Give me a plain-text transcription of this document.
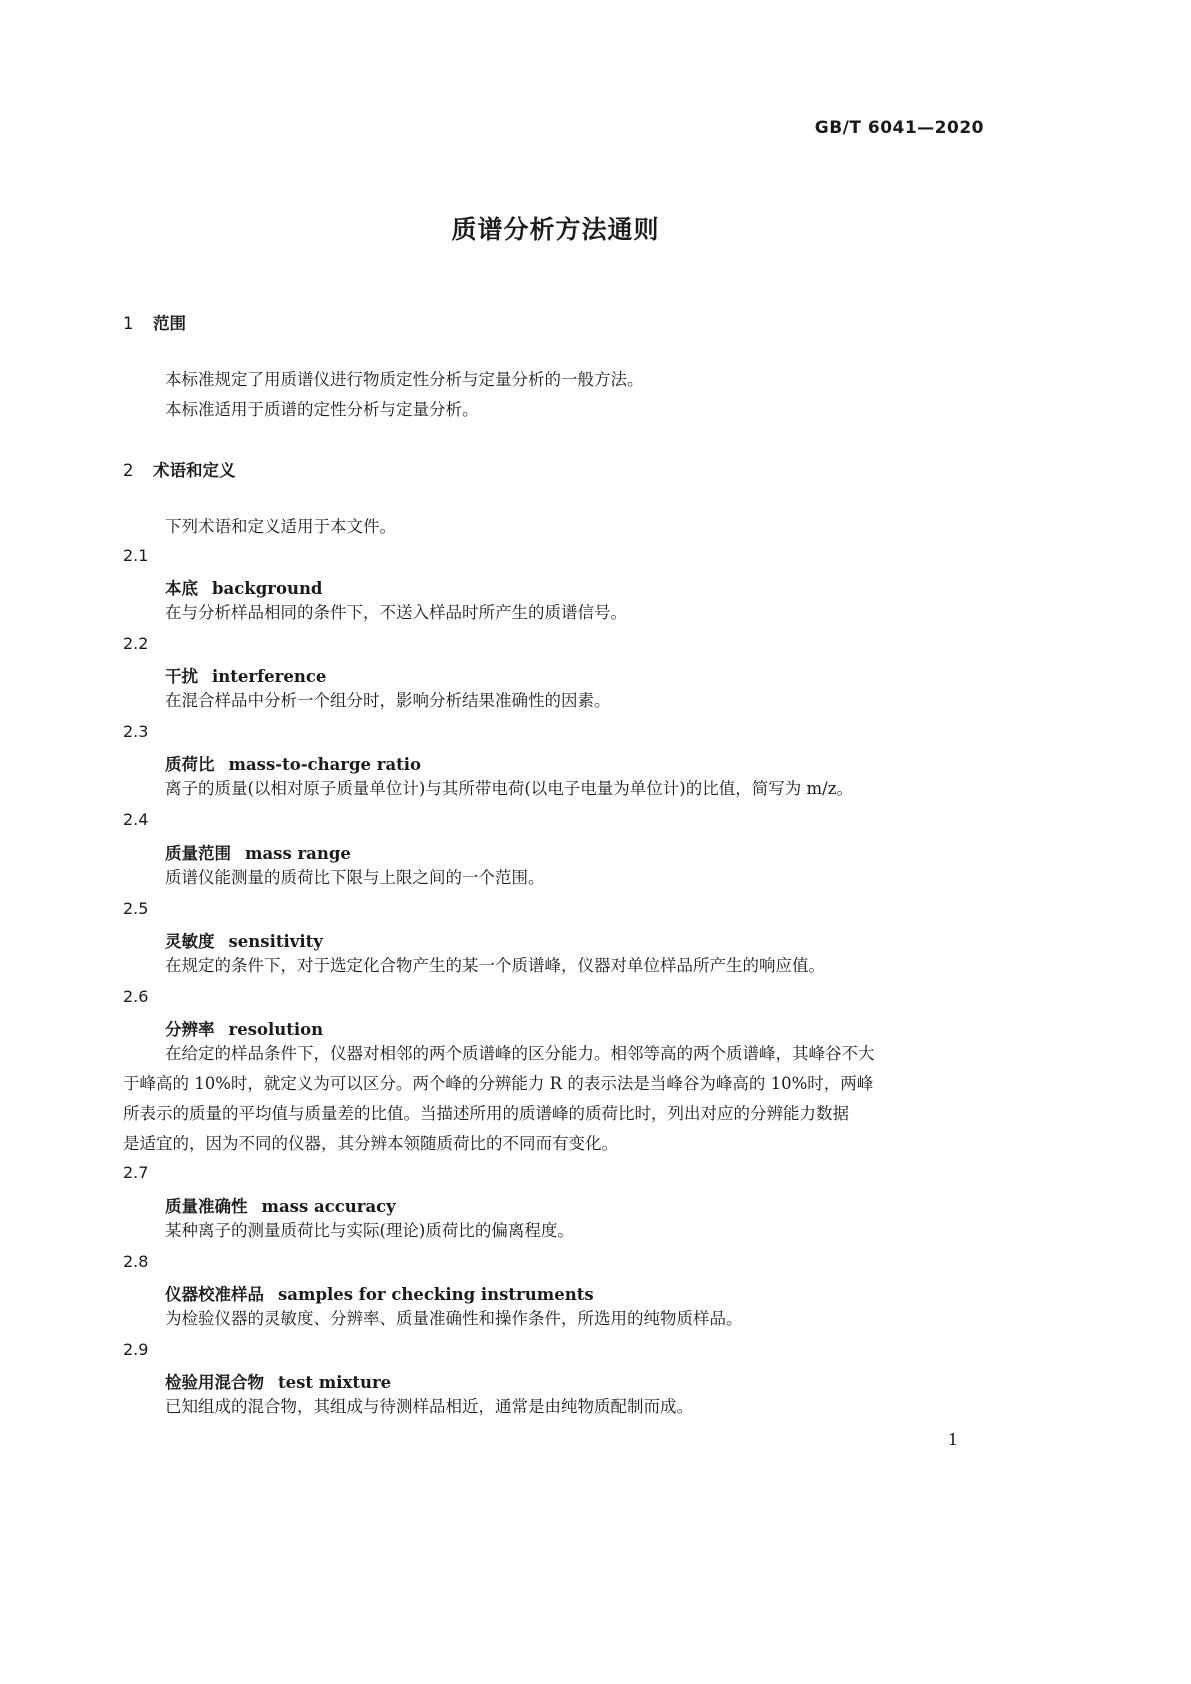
GB/T 6041—2020
质谱分析方法通则
1 范围
本标准规定了用质谱仪进行物质定性分析与定量分析的一般方法。
本标准适用于质谱的定性分析与定量分析。
2 术语和定义
下列术语和定义适用于本文件。
2.1
本底 background
在与分析样品相同的条件下，不送入样品时所产生的质谱信号。
2.2
干扰 interference
在混合样品中分析一个组分时，影响分析结果准确性的因素。
2.3
质荷比 mass-to-charge ratio
离子的质量(以相对原子质量单位计)与其所带电荷(以电子电量为单位计)的比值，简写为 m/z。
2.4
质量范围 mass range
质谱仪能测量的质荷比下限与上限之间的一个范围。
2.5
灵敏度 sensitivity
在规定的条件下，对于选定化合物产生的某一个质谱峰，仪器对单位样品所产生的响应值。
2.6
分辨率 resolution
在给定的样品条件下，仪器对相邻的两个质谱峰的区分能力。相邻等高的两个质谱峰，其峰谷不大
于峰高的 10%时，就定义为可以区分。两个峰的分辨能力 R 的表示法是当峰谷为峰高的 10%时，两峰
所表示的质量的平均值与质量差的比值。当描述所用的质谱峰的质荷比时，列出对应的分辨能力数据
是适宜的，因为不同的仪器，其分辨本领随质荷比的不同而有变化。
2.7
质量准确性 mass accuracy
某种离子的测量质荷比与实际(理论)质荷比的偏离程度。
2.8
仪器校准样品 samples for checking instruments
为检验仪器的灵敏度、分辨率、质量准确性和操作条件，所选用的纯物质样品。
2.9
检验用混合物 test mixture
已知组成的混合物，其组成与待测样品相近，通常是由纯物质配制而成。
1
